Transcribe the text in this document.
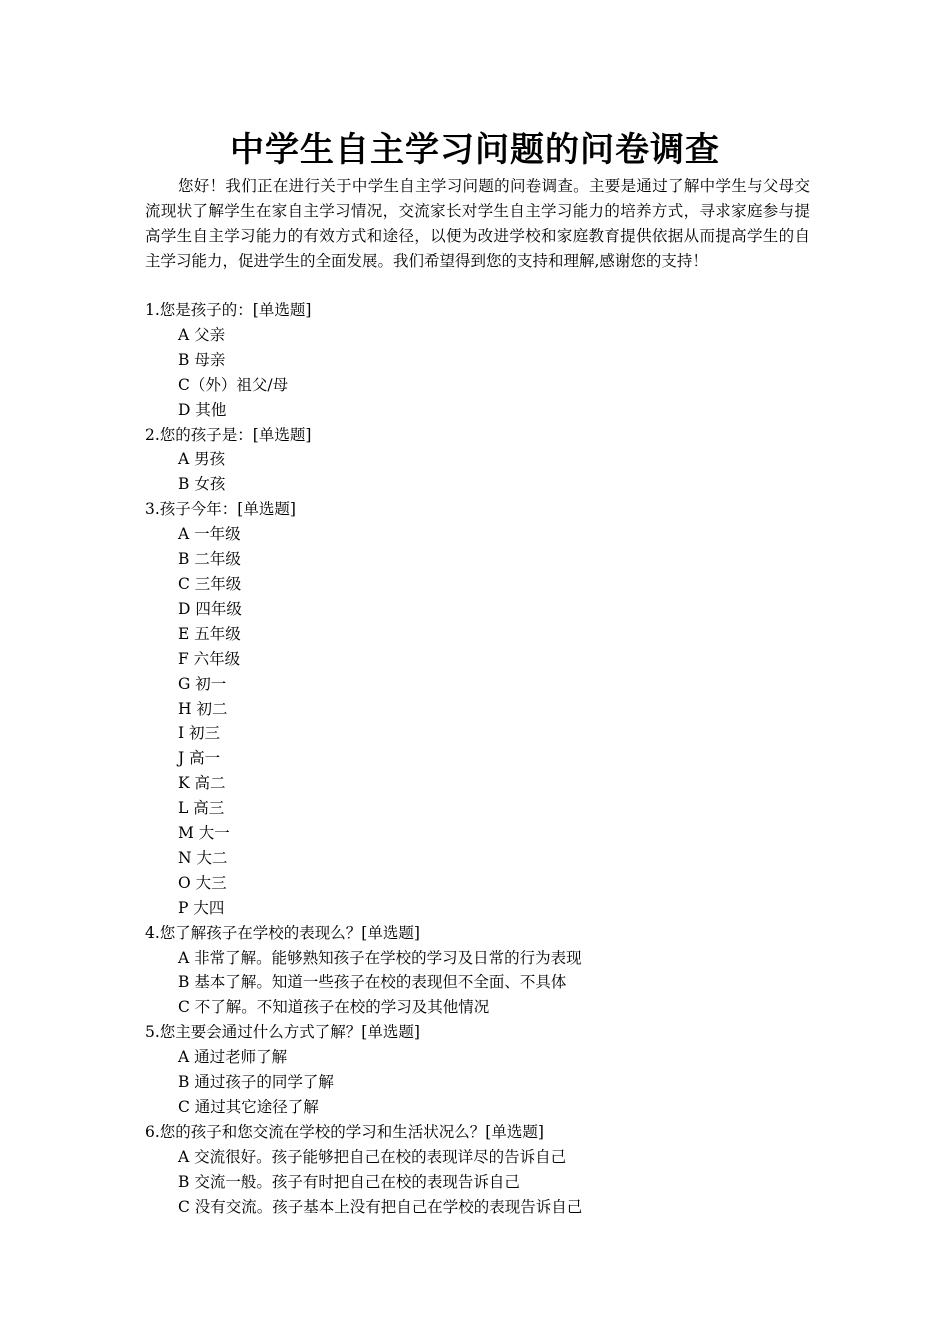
中学生自主学习问题的问卷调查

您好！我们正在进行关于中学生自主学习问题的问卷调查。主要是通过了解中学生与父母交流现状了解学生在家自主学习情况，交流家长对学生自主学习能力的培养方式，寻求家庭参与提高学生自主学习能力的有效方式和途径，以便为改进学校和家庭教育提供依据从而提高学生的自主学习能力，促进学生的全面发展。我们希望得到您的支持和理解,感谢您的支持！

1.您是孩子的：[单选题]

A 父亲
B 母亲
C（外）祖父/母
D 其他

2.您的孩子是：[单选题]

A 男孩
B 女孩

3.孩子今年：[单选题]

A 一年级
B 二年级
C 三年级
D 四年级
E 五年级
F 六年级
G 初一
H 初二
I 初三
J 高一
K 高二
L 高三
M 大一
N 大二
O 大三
P 大四

4.您了解孩子在学校的表现么？[单选题]

A 非常了解。能够熟知孩子在学校的学习及日常的行为表现
B 基本了解。知道一些孩子在校的表现但不全面、不具体
C 不了解。不知道孩子在校的学习及其他情况

5.您主要会通过什么方式了解？[单选题]

A 通过老师了解
B 通过孩子的同学了解
C 通过其它途径了解

6.您的孩子和您交流在学校的学习和生活状况么？[单选题]

A 交流很好。孩子能够把自己在校的表现详尽的告诉自己
B 交流一般。孩子有时把自己在校的表现告诉自己
C 没有交流。孩子基本上没有把自己在学校的表现告诉自己
